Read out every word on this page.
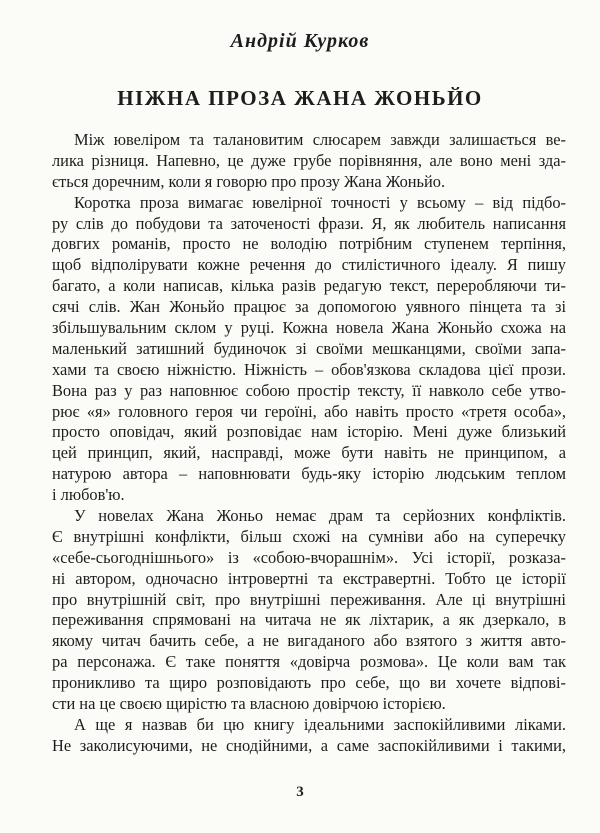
Андрій Курков
НІЖНА ПРОЗА ЖАНА ЖОНЬЙО
Між ювеліром та талановитим слюсарем завжди залишається ве-
лика різниця. Напевно, це дуже грубе порівняння, але воно мені зда-
ється доречним, коли я говорю про прозу Жана Жоньйо.
Коротка проза вимагає ювелірної точності у всьому – від підбо-
ру слів до побудови та заточеності фрази. Я, як любитель написання
довгих романів, просто не володію потрібним ступенем терпіння,
щоб відполірувати кожне речення до стилістичного ідеалу. Я пишу
багато, а коли написав, кілька разів редагую текст, переробляючи ти-
сячі слів. Жан Жоньйо працює за допомогою уявного пінцета та зі
збільшувальним склом у руці. Кожна новела Жана Жоньйо схожа на
маленький затишний будиночок зі своїми мешканцями, своїми запа-
хами та своєю ніжністю. Ніжність – обов'язкова складова цієї прози.
Вона раз у раз наповнює собою простір тексту, її навколо себе утво-
рює «я» головного героя чи героїні, або навіть просто «третя особа»,
просто оповідач, який розповідає нам історію. Мені дуже близький
цей принцип, який, насправді, може бути навіть не принципом, а
натурою автора – наповнювати будь-яку історію людським теплом
і любов'ю.
У новелах Жана Жоньо немає драм та серйозних конфліктів.
Є внутрішні конфлікти, більш схожі на сумніви або на суперечку
«себе-сьогоднішнього» із «собою-вчорашнім». Усі історії, розказа-
ні автором, одночасно інтровертні та екстравертні. Тобто це історії
про внутрішній світ, про внутрішні переживання. Але ці внутрішні
переживання спрямовані на читача не як ліхтарик, а як дзеркало, в
якому читач бачить себе, а не вигаданого або взятого з життя авто-
ра персонажа. Є таке поняття «довірча розмова». Це коли вам так
проникливо та щиро розповідають про себе, що ви хочете відпові-
сти на це своєю щирістю та власною довірчою історією.
А ще я назвав би цю книгу ідеальними заспокійливими ліками.
Не заколисуючими, не снодійними, а саме заспокійливими і такими,
3
